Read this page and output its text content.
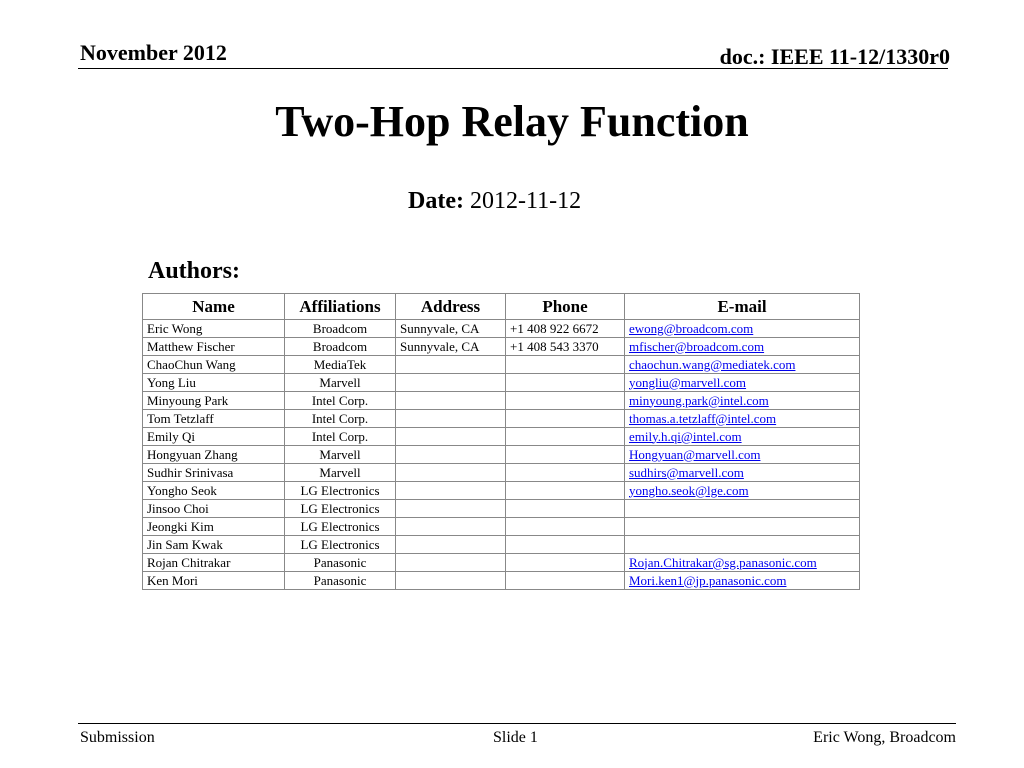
November 2012	doc.: IEEE 11-12/1330r0
Two-Hop Relay Function
Date: 2012-11-12
Authors:
Name	Affiliations	Address	Phone	E-mail
Eric Wong	Broadcom	Sunnyvale, CA	+1 408 922 6672	ewong@broadcom.com
Matthew Fischer	Broadcom	Sunnyvale, CA	+1 408 543 3370	mfischer@broadcom.com
ChaoChun Wang	MediaTek			chaochun.wang@mediatek.com
Yong Liu	Marvell			yongliu@marvell.com
Minyoung Park	Intel Corp.			minyoung.park@intel.com
Tom Tetzlaff	Intel Corp.			thomas.a.tetzlaff@intel.com
Emily Qi	Intel Corp.			emily.h.qi@intel.com
Hongyuan Zhang	Marvell			Hongyuan@marvell.com
Sudhir Srinivasa	Marvell			sudhirs@marvell.com
Yongho Seok	LG Electronics			yongho.seok@lge.com
Jinsoo Choi	LG Electronics			
Jeongki Kim	LG Electronics			
Jin Sam Kwak	LG Electronics			
Rojan Chitrakar	Panasonic			Rojan.Chitrakar@sg.panasonic.com
Ken Mori	Panasonic			Mori.ken1@jp.panasonic.com
Submission	Slide 1	Eric Wong, Broadcom
